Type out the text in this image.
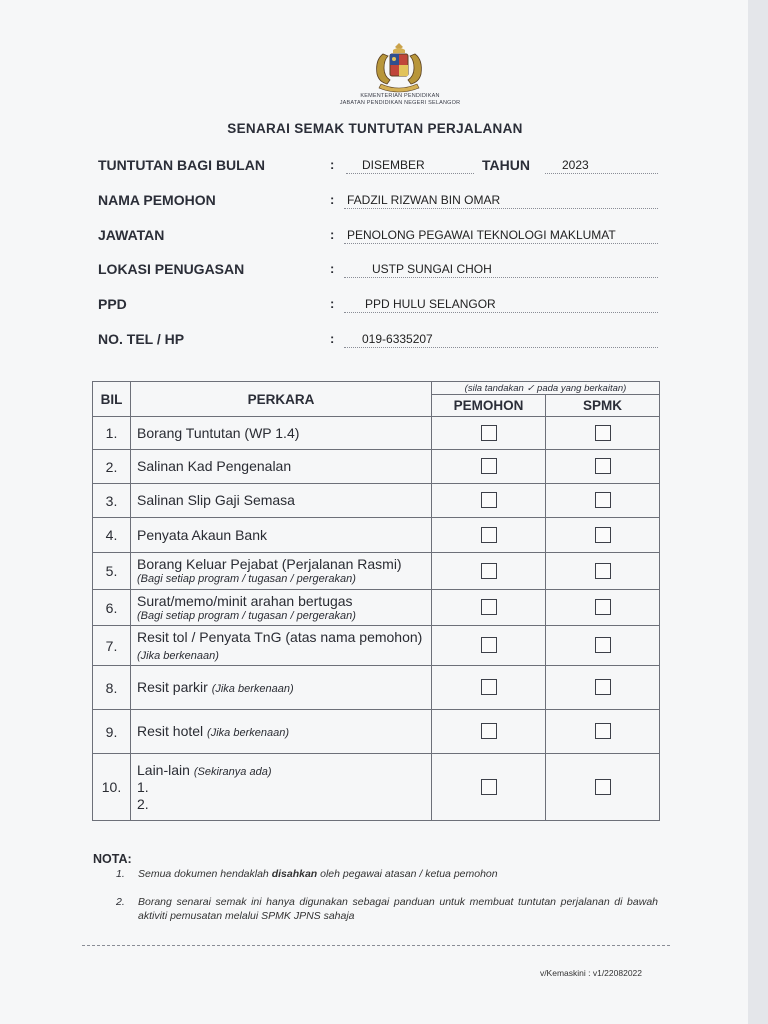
KEMENTERIAN PENDIDIKAN
JABATAN PENDIDIKAN NEGERI SELANGOR
SENARAI SEMAK TUNTUTAN PERJALANAN
TUNTUTAN BAGI BULAN	: DISEMBER	TAHUN	2023
NAMA PEMOHON	: FADZIL RIZWAN BIN OMAR
JAWATAN	: PENOLONG PEGAWAI TEKNOLOGI MAKLUMAT
LOKASI PENUGASAN	:	USTP SUNGAI CHOH
PPD	:	PPD HULU SELANGOR
NO. TEL / HP	: 019-6335207
BIL	PERKARA	(sila tandakan ✓ pada yang berkaitan)	
		PEMOHON	SPMK
1.	Borang Tuntutan (WP 1.4)		
2.	Salinan Kad Pengenalan		
3.	Salinan Slip Gaji Semasa		
4.	Penyata Akaun Bank		
5.	Borang Keluar Pejabat (Perjalanan Rasmi)
(Bagi setiap program / tugasan / pergerakan)		

6.	Surat/memo/minit arahan bertugas
(Bagi setiap program / tugasan / pergerakan)		

7.	Resit tol / Penyata TnG (atas nama pemohon) (Jika berkenaan)		
8.	Resit parkir (Jika berkenaan)		
9.	Resit hotel (Jika berkenaan)		
10.	Lain-lain (Sekiranya ada)
1.
2.		

NOTA:
1. Semua dokumen hendaklah disahkan oleh pegawai atasan / ketua pemohon
2. Borang senarai semak ini hanya digunakan sebagai panduan untuk membuat tuntutan perjalanan di bawah aktiviti pemusatan melalui SPMK JPNS sahaja
v/Kemaskini : v1/22082022
